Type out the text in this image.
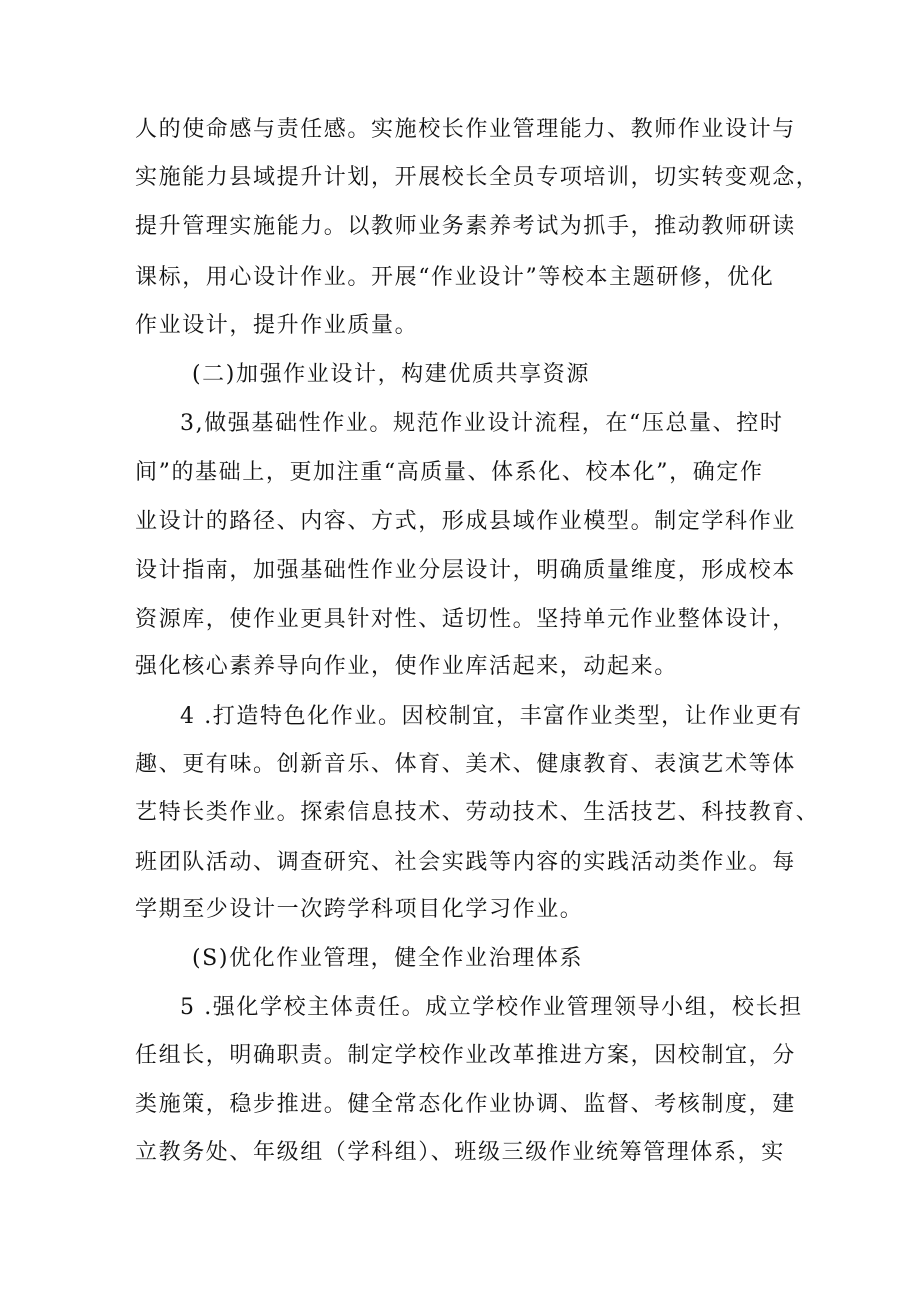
人的使命感与责任感。实施校长作业管理能力、教师作业设计与
实施能力县域提升计划，开展校长全员专项培训，切实转变观念，
提升管理实施能力。以教师业务素养考试为抓手，推动教师研读
课标，用心设计作业。开展“作业设计”等校本主题研修，优化
作业设计，提升作业质量。
(二)加强作业设计，构建优质共享资源
3,做强基础性作业。规范作业设计流程，在“压总量、控时
间”的基础上，更加注重“高质量、体系化、校本化”，确定作
业设计的路径、内容、方式，形成县域作业模型。制定学科作业
设计指南，加强基础性作业分层设计，明确质量维度，形成校本
资源库，使作业更具针对性、适切性。坚持单元作业整体设计，
强化核心素养导向作业，使作业库活起来，动起来。
4 .打造特色化作业。因校制宜，丰富作业类型，让作业更有
趣、更有味。创新音乐、体育、美术、健康教育、表演艺术等体
艺特长类作业。探索信息技术、劳动技术、生活技艺、科技教育、
班团队活动、调查研究、社会实践等内容的实践活动类作业。每
学期至少设计一次跨学科项目化学习作业。
(S)优化作业管理，健全作业治理体系
5 .强化学校主体责任。成立学校作业管理领导小组，校长担
任组长，明确职责。制定学校作业改革推进方案，因校制宜，分
类施策，稳步推进。健全常态化作业协调、监督、考核制度，建
立教务处、年级组（学科组）、班级三级作业统筹管理体系，实
